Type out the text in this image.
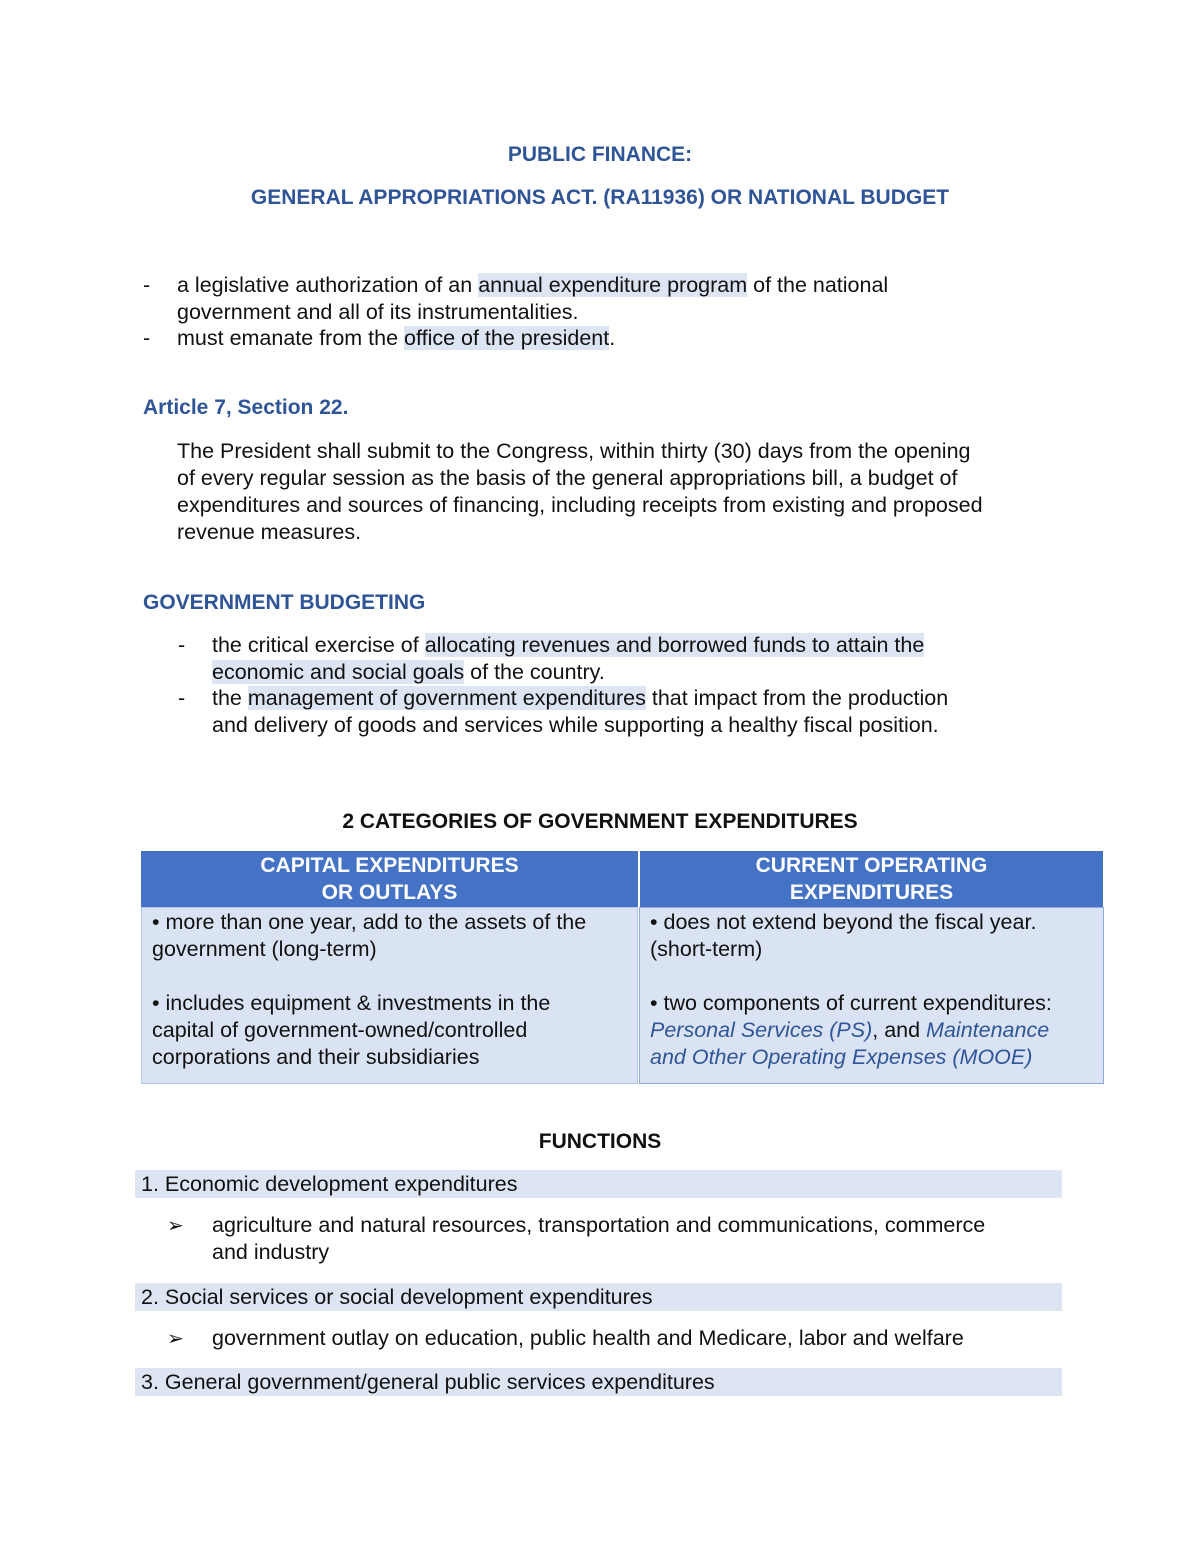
PUBLIC FINANCE:
GENERAL APPROPRIATIONS ACT. (RA11936) OR NATIONAL BUDGET
- a legislative authorization of an annual expenditure program of the national
government and all of its instrumentalities.
- must emanate from the office of the president.
Article 7, Section 22.
The President shall submit to the Congress, within thirty (30) days from the opening
of every regular session as the basis of the general appropriations bill, a budget of
expenditures and sources of financing, including receipts from existing and proposed
revenue measures.
GOVERNMENT BUDGETING
- the critical exercise of allocating revenues and borrowed funds to attain the
economic and social goals of the country.
- the management of government expenditures that impact from the production
and delivery of goods and services while supporting a healthy fiscal position.
2 CATEGORIES OF GOVERNMENT EXPENDITURES
CAPITAL EXPENDITURES
OR OUTLAYS
CURRENT OPERATING
EXPENDITURES
• more than one year, add to the assets of the
government (long-term)
• includes equipment & investments in the
capital of government-owned/controlled
corporations and their subsidiaries
• does not extend beyond the fiscal year.
(short-term)
• two components of current expenditures:
Personal Services (PS), and Maintenance
and Other Operating Expenses (MOOE)
FUNCTIONS
1. Economic development expenditures
➢ agriculture and natural resources, transportation and communications, commerce
and industry
2. Social services or social development expenditures
➢ government outlay on education, public health and Medicare, labor and welfare
3. General government/general public services expenditures
